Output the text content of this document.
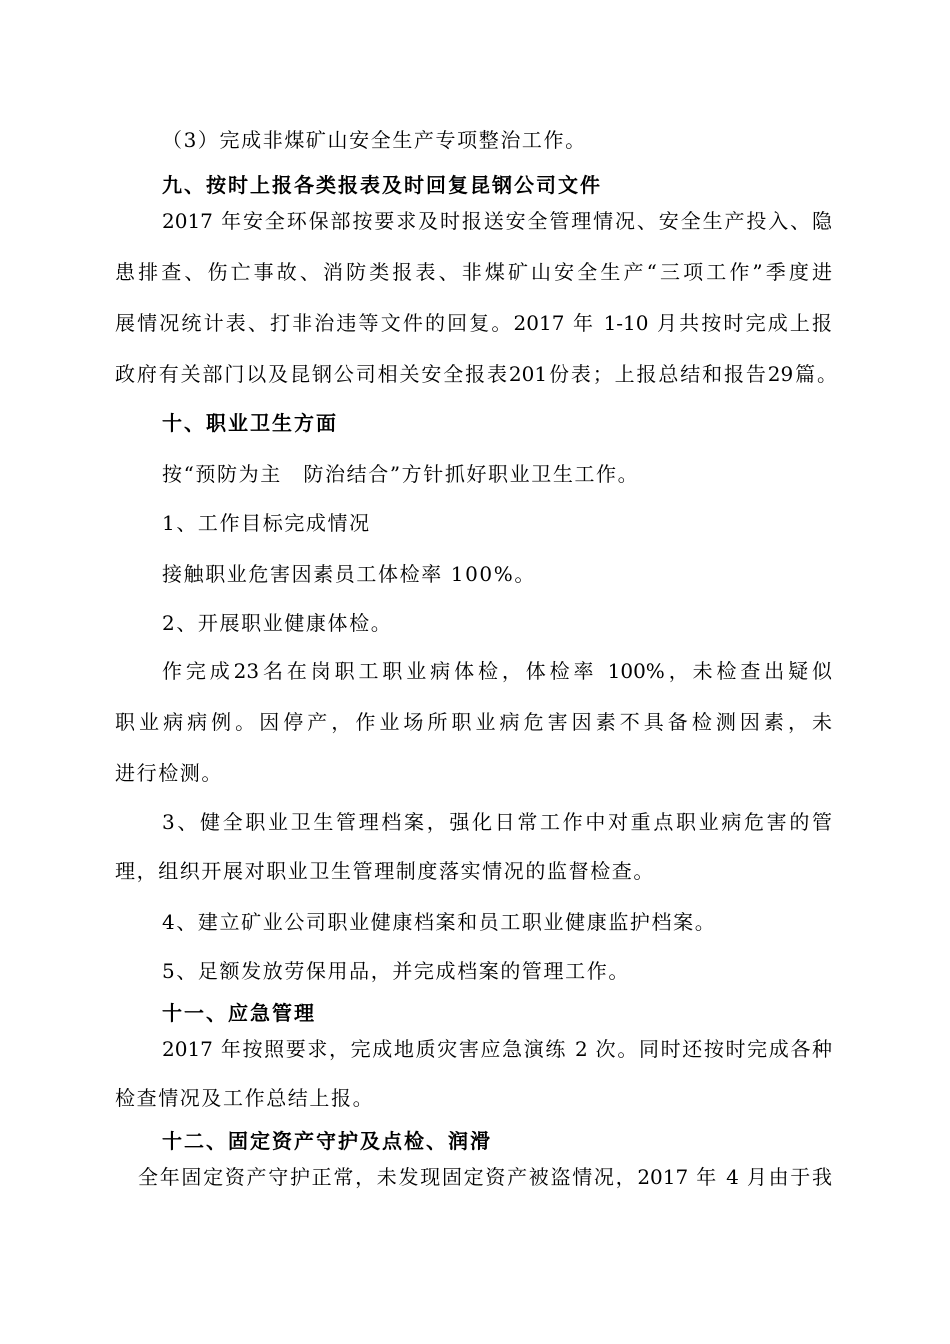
（3）完成非煤矿山安全生产专项整治工作。
九、按时上报各类报表及时回复昆钢公司文件
2017 年安全环保部按要求及时报送安全管理情况、安全生产投入、隐
患排查、伤亡事故、消防类报表、非煤矿山安全生产“三项工作”季度进
展情况统计表、打非治违等文件的回复。2017 年 1-10 月共按时完成上报
政府有关部门以及昆钢公司相关安全报表201份表；上报总结和报告29篇。
十、职业卫生方面
按“预防为主　防治结合”方针抓好职业卫生工作。
1、工作目标完成情况
接触职业危害因素员工体检率 100%。
2、开展职业健康体检。
作完成23名在岗职工职业病体检，体检率 100%，未检查出疑似
职业病病例。因停产，作业场所职业病危害因素不具备检测因素，未
进行检测。
3、健全职业卫生管理档案，强化日常工作中对重点职业病危害的管
理，组织开展对职业卫生管理制度落实情况的监督检查。
4、建立矿业公司职业健康档案和员工职业健康监护档案。
5、足额发放劳保用品，并完成档案的管理工作。
十一、应急管理
2017 年按照要求，完成地质灾害应急演练 2 次。同时还按时完成各种
检查情况及工作总结上报。
十二、固定资产守护及点检、润滑
全年固定资产守护正常，未发现固定资产被盗情况，2017 年 4 月由于我
